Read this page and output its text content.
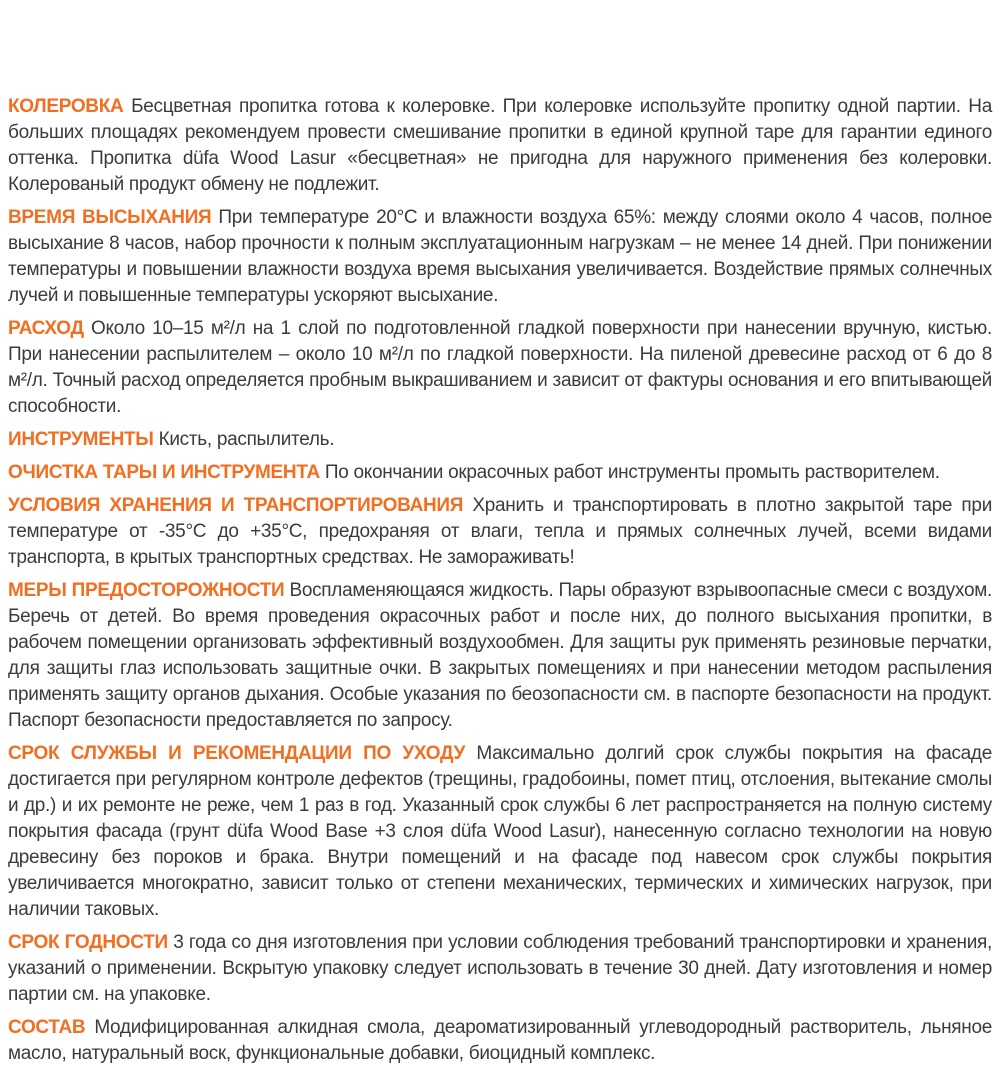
КОЛЕРОВКА Бесцветная пропитка готова к колеровке. При колеровке используйте пропитку одной партии. На больших площадях рекомендуем провести смешивание пропитки в единой крупной таре для гарантии единого оттенка. Пропитка düfa Wood Lasur «бесцветная» не пригодна для наружного применения без колеровки. Колерованый продукт обмену не подлежит.

ВРЕМЯ ВЫСЫХАНИЯ При температуре 20°С и влажности воздуха 65%: между слоями около 4 часов, полное высыхание 8 часов, набор прочности к полным эксплуатационным нагрузкам – не менее 14 дней. При понижении температуры и повышении влажности воздуха время высыхания увеличивается. Воздействие прямых солнечных лучей и повышенные температуры ускоряют высыхание.

РАСХОД Около 10–15 м²/л на 1 слой по подготовленной гладкой поверхности при нанесении вручную, кистью. При нанесении распылителем – около 10 м²/л по гладкой поверхности. На пиленой древесине расход от 6 до 8 м²/л. Точный расход определяется пробным выкрашиванием и зависит от фактуры основания и его впитывающей способности.

ИНСТРУМЕНТЫ Кисть, распылитель.

ОЧИСТКА ТАРЫ И ИНСТРУМЕНТА По окончании окрасочных работ инструменты промыть растворителем.

УСЛОВИЯ ХРАНЕНИЯ И ТРАНСПОРТИРОВАНИЯ Хранить и транспортировать в плотно закрытой таре при температуре от -35°С до +35°С, предохраняя от влаги, тепла и прямых солнечных лучей, всеми видами транспорта, в крытых транспортных средствах. Не замораживать!

МЕРЫ ПРЕДОСТОРОЖНОСТИ Воспламеняющаяся жидкость. Пары образуют взрывоопасные смеси с воздухом. Беречь от детей. Во время проведения окрасочных работ и после них, до полного высыхания пропитки, в рабочем помещении организовать эффективный воздухообмен. Для защиты рук применять резиновые перчатки, для защиты глаз использовать защитные очки. В закрытых помещениях и при нанесении методом распыления применять защиту органов дыхания. Особые указания по беозопасности см. в паспорте безопасности на продукт. Паспорт безопасности предоставляется по запросу.

СРОК СЛУЖБЫ И РЕКОМЕНДАЦИИ ПО УХОДУ Максимально долгий срок службы покрытия на фасаде достигается при регулярном контроле дефектов (трещины, градобоины, помет птиц, отслоения, вытекание смолы и др.) и их ремонте не реже, чем 1 раз в год. Указанный срок службы 6 лет распространяется на полную систему покрытия фасада (грунт düfa Wood Base +3 слоя düfa Wood Lasur), нанесенную согласно технологии на новую древесину без пороков и брака. Внутри помещений и на фасаде под навесом срок службы покрытия увеличивается многократно, зависит только от степени механических, термических и химических нагрузок, при наличии таковых.

СРОК ГОДНОСТИ 3 года со дня изготовления при условии соблюдения требований транспортировки и хранения, указаний о применении. Вскрытую упаковку следует использовать в течение 30 дней. Дату изготовления и номер партии см. на упаковке.

СОСТАВ Модифицированная алкидная смола, деароматизированный углеводородный растворитель, льняное масло, натуральный воск, функциональные добавки, биоцидный комплекс.
